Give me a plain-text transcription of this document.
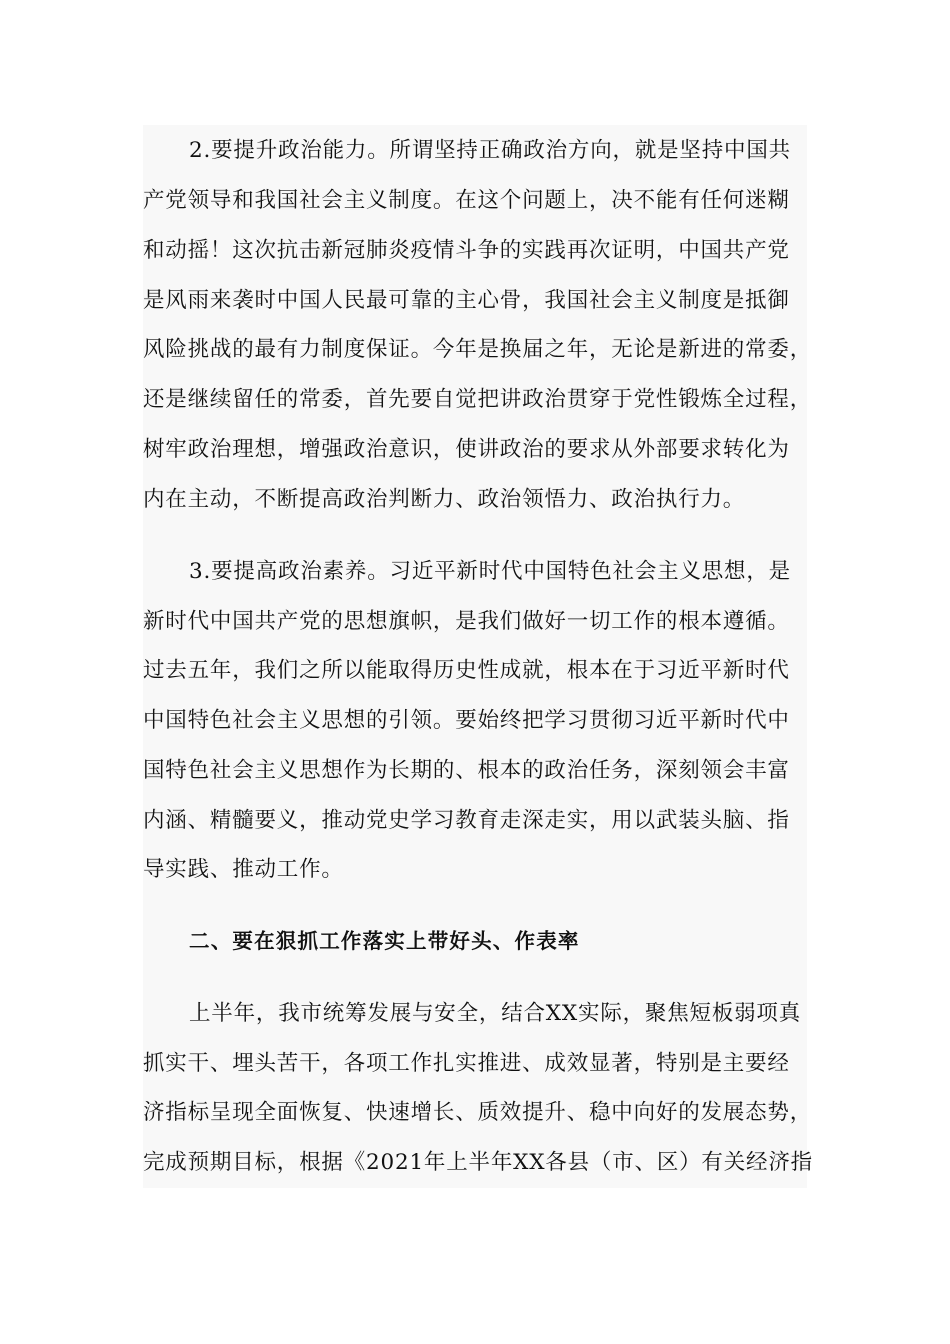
2.要提升政治能力。所谓坚持正确政治方向，就是坚持中国共
产党领导和我国社会主义制度。在这个问题上，决不能有任何迷糊
和动摇！这次抗击新冠肺炎疫情斗争的实践再次证明，中国共产党
是风雨来袭时中国人民最可靠的主心骨，我国社会主义制度是抵御
风险挑战的最有力制度保证。今年是换届之年，无论是新进的常委，
还是继续留任的常委，首先要自觉把讲政治贯穿于党性锻炼全过程，
树牢政治理想，增强政治意识，使讲政治的要求从外部要求转化为
内在主动，不断提高政治判断力、政治领悟力、政治执行力。
3.要提高政治素养。习近平新时代中国特色社会主义思想，是
新时代中国共产党的思想旗帜，是我们做好一切工作的根本遵循。
过去五年，我们之所以能取得历史性成就，根本在于习近平新时代
中国特色社会主义思想的引领。要始终把学习贯彻习近平新时代中
国特色社会主义思想作为长期的、根本的政治任务，深刻领会丰富
内涵、精髓要义，推动党史学习教育走深走实，用以武装头脑、指
导实践、推动工作。
二、要在狠抓工作落实上带好头、作表率
上半年，我市统筹发展与安全，结合XX实际，聚焦短板弱项真
抓实干、埋头苦干，各项工作扎实推进、成效显著，特别是主要经
济指标呈现全面恢复、快速增长、质效提升、稳中向好的发展态势，
完成预期目标，根据《2021年上半年XX各县（市、区）有关经济指
